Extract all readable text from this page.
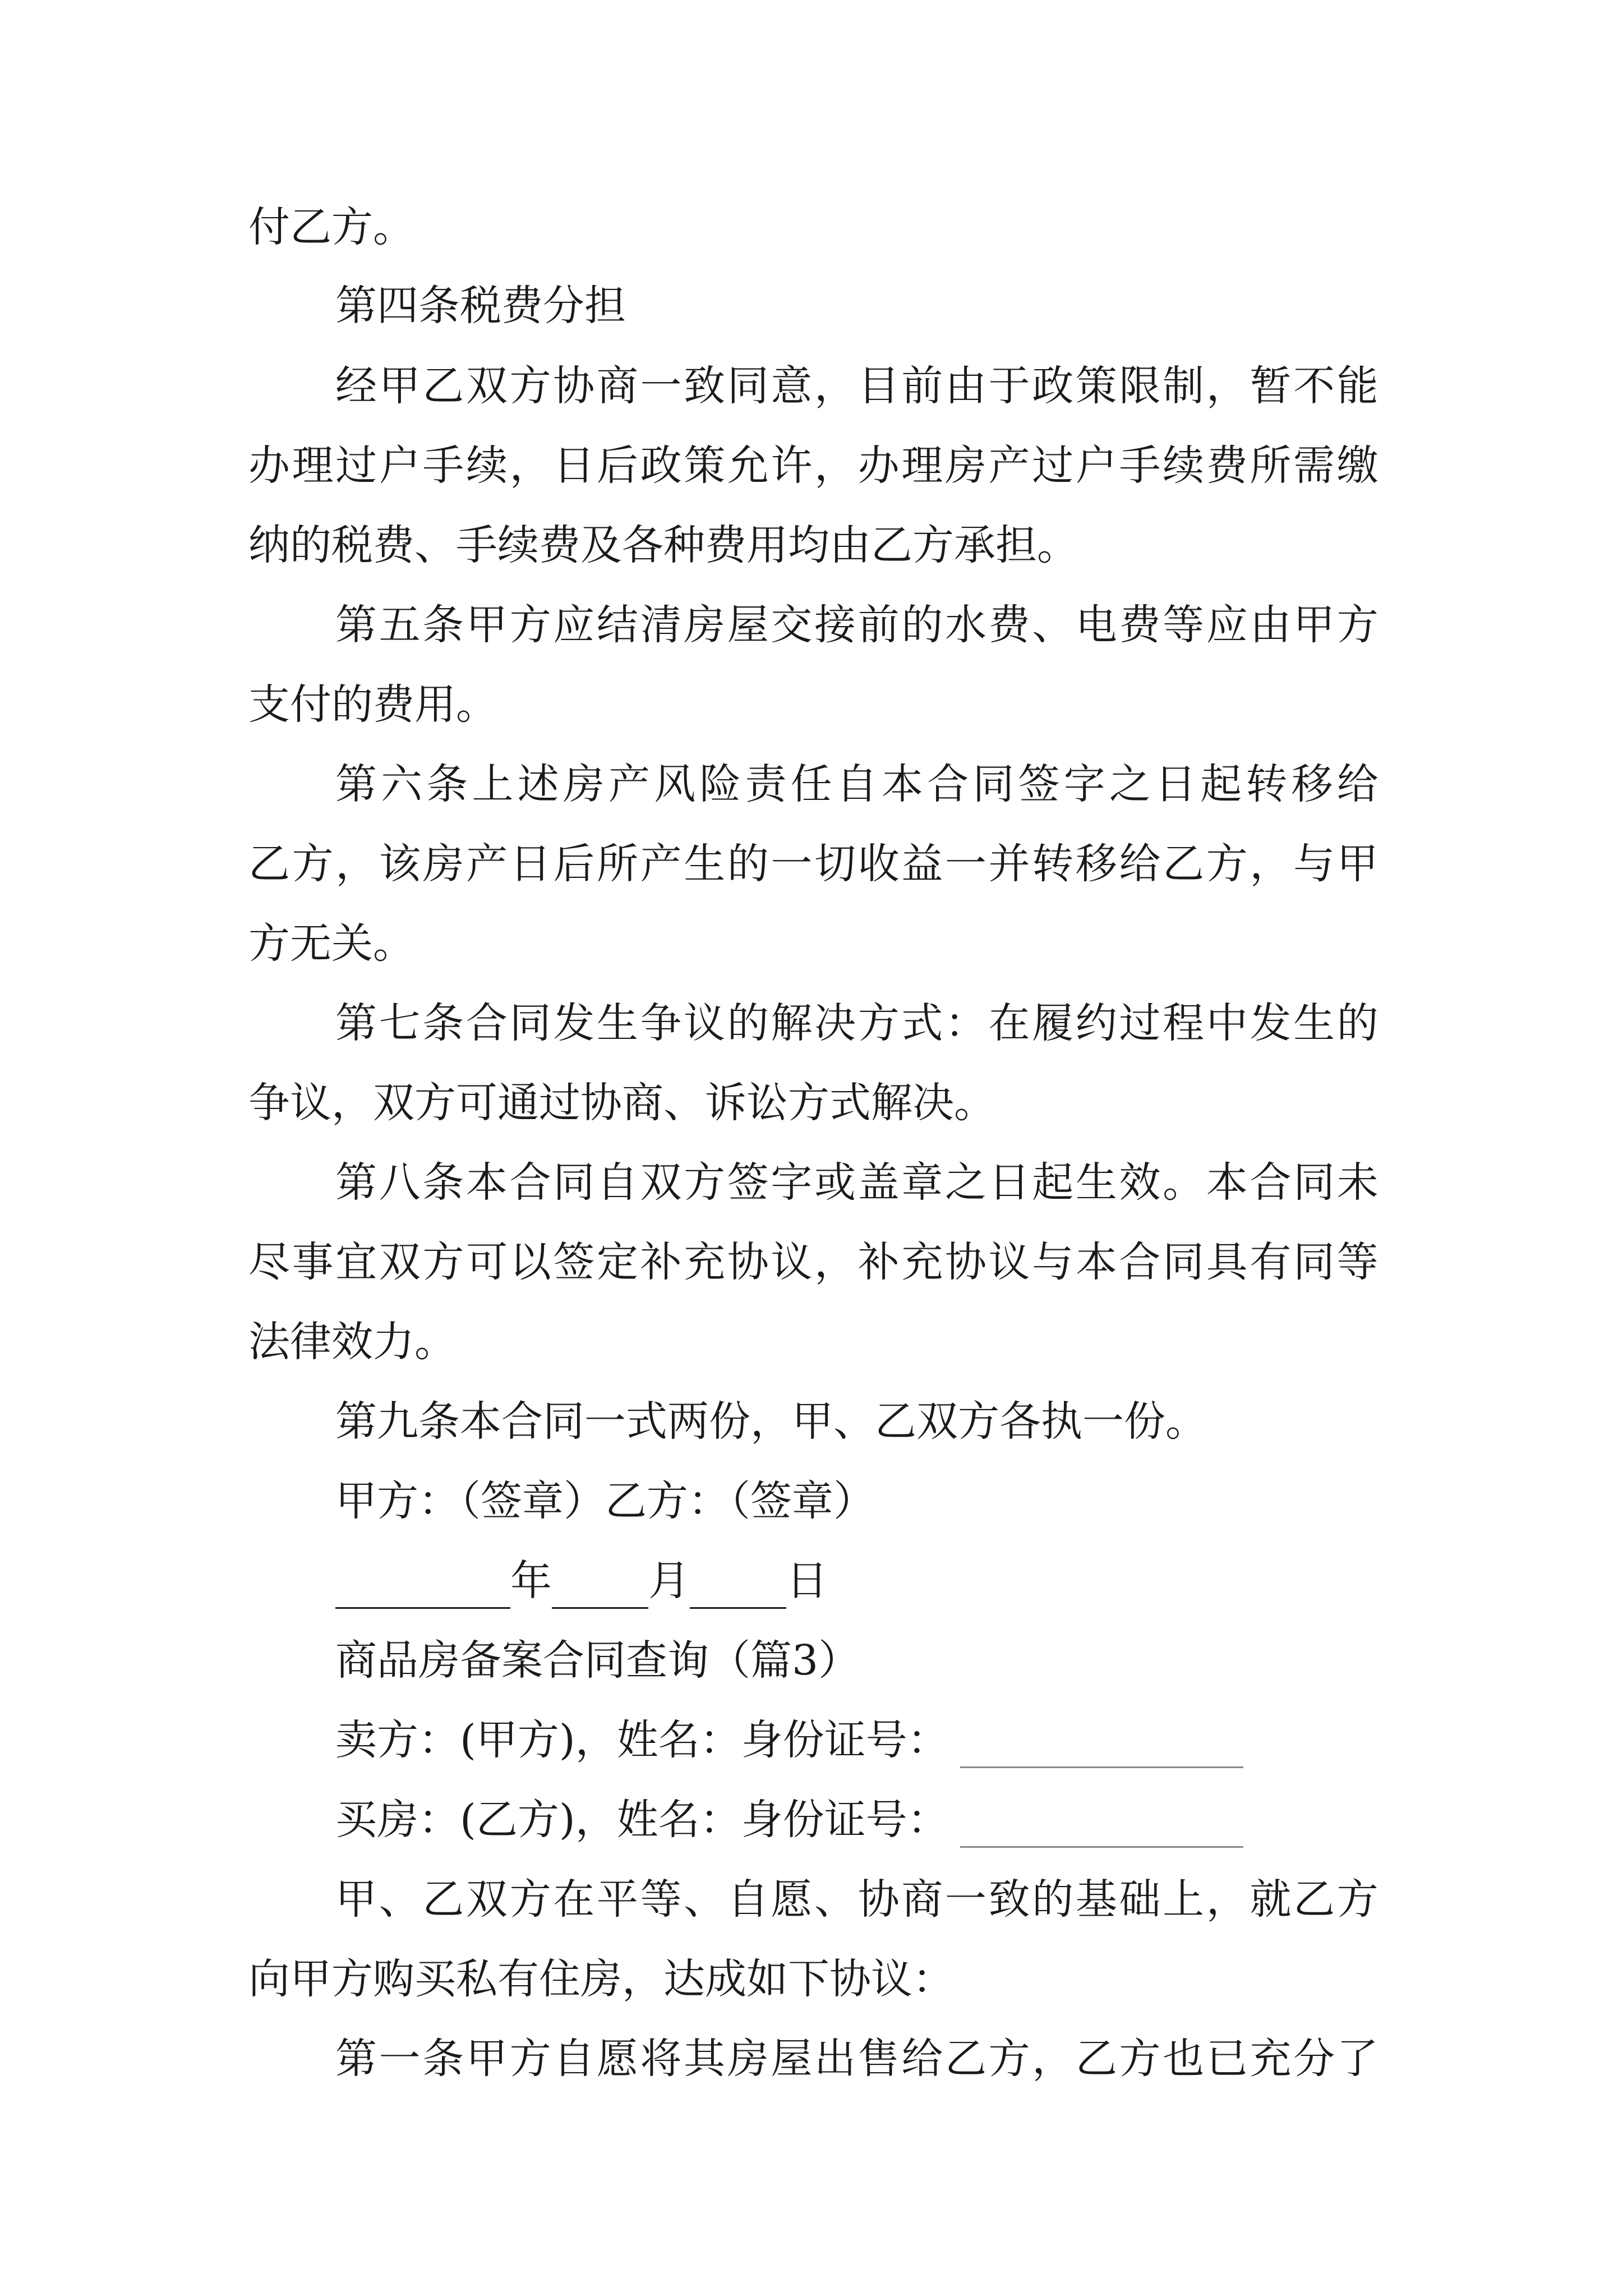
付乙方。
第四条税费分担
经 甲 乙 双 方 协 商 一 致 同 意 ， 目 前 由 于 政 策 限 制 ， 暂 不 能
办 理 过 户 手 续 ， 日 后 政 策 允 许 ， 办 理 房 产 过 户 手 续 费 所 需 缴
纳的税费、手续费及各种费用均由乙方承担。
第 五 条 甲 方 应 结 清 房 屋 交 接 前 的 水 费 、 电 费 等 应 由 甲 方
支付的费用。
第 六 条 上 述 房 产 风 险 责 任 自 本 合 同 签 字 之 日 起 转 移 给
乙 方 ， 该 房 产 日 后 所 产 生 的 一 切 收 益 一 并 转 移 给 乙 方 ， 与 甲
方无关。
第 七 条 合 同 发 生 争 议 的 解 决 方 式 ： 在 履 约 过 程 中 发 生 的
争议，双方可通过协商、诉讼方式解决。
第 八 条 本 合 同 自 双 方 签 字 或 盖 章 之 日 起 生 效 。 本 合 同 未
尽 事 宜 双 方 可 以 签 定 补 充 协 议 ， 补 充 协 议 与 本 合 同 具 有 同 等
法律效力。
第九条本合同一式两份，甲、乙双方各执一份。
甲方：（签章）乙方：（签章）
年 月 日
商品房备案合同查询（篇3）
卖方：(甲方)，姓名：身份证号：
买房：(乙方)，姓名：身份证号：
甲 、 乙 双 方 在 平 等 、 自 愿 、 协 商 一 致 的 基 础 上 ， 就 乙 方
向甲方购买私有住房，达成如下协议：
第 一 条 甲 方 自 愿 将 其 房 屋 出 售 给 乙 方 ， 乙 方 也 已 充 分 了
